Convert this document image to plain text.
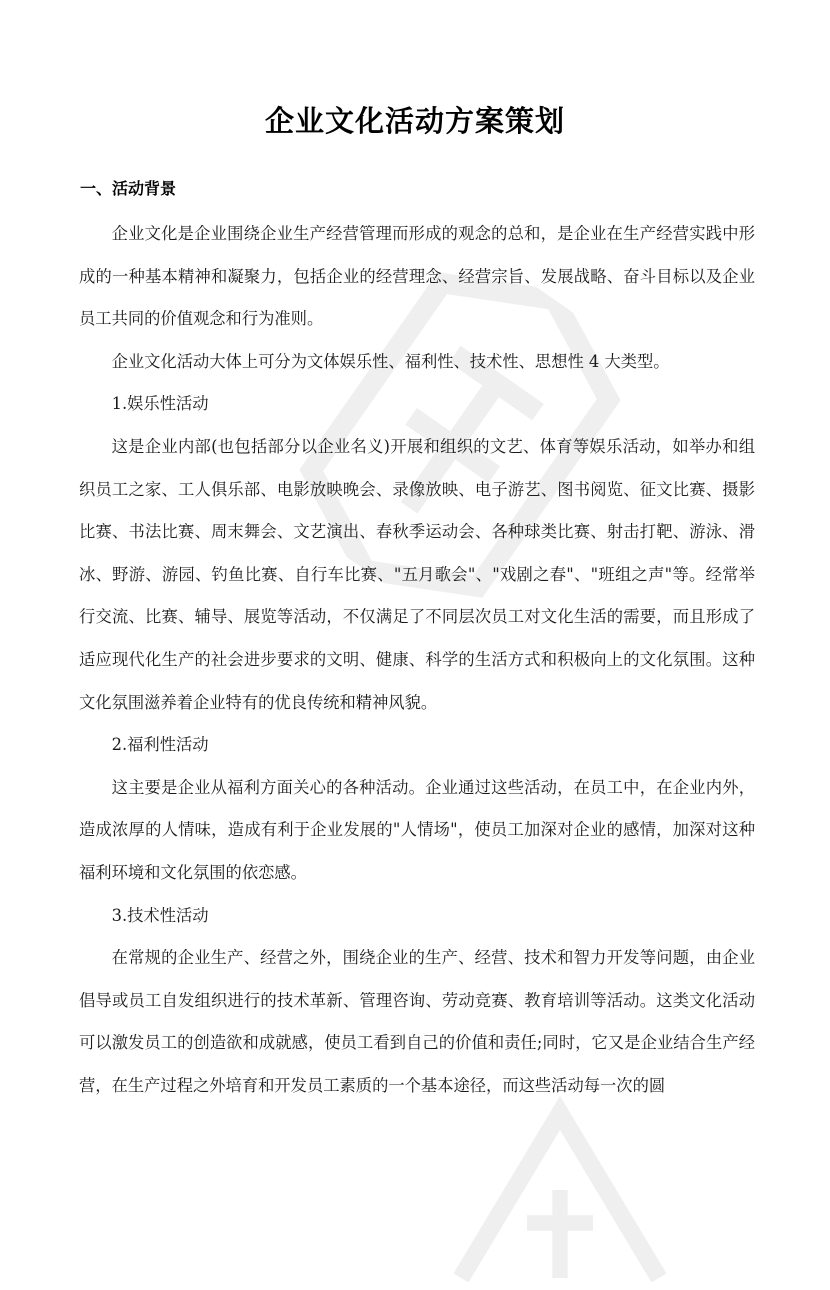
企业文化活动方案策划
一、活动背景

企业文化是企业围绕企业生产经营管理而形成的观念的总和，是企业在生产经营实践中形成的一种基本精神和凝聚力，包括企业的经营理念、经营宗旨、发展战略、奋斗目标以及企业员工共同的价值观念和行为准则。

企业文化活动大体上可分为文体娱乐性、福利性、技术性、思想性 4 大类型。

1.娱乐性活动

这是企业内部(也包括部分以企业名义)开展和组织的文艺、体育等娱乐活动，如举办和组织员工之家、工人俱乐部、电影放映晚会、录像放映、电子游艺、图书阅览、征文比赛、摄影比赛、书法比赛、周末舞会、文艺演出、春秋季运动会、各种球类比赛、射击打靶、游泳、滑冰、野游、游园、钓鱼比赛、自行车比赛、"五月歌会"、"戏剧之春"、"班组之声"等。经常举行交流、比赛、辅导、展览等活动，不仅满足了不同层次员工对文化生活的需要，而且形成了适应现代化生产的社会进步要求的文明、健康、科学的生活方式和积极向上的文化氛围。这种文化氛围滋养着企业特有的优良传统和精神风貌。

2.福利性活动

这主要是企业从福利方面关心的各种活动。企业通过这些活动，在员工中，在企业内外，造成浓厚的人情味，造成有利于企业发展的"人情场"，使员工加深对企业的感情，加深对这种福利环境和文化氛围的依恋感。

3.技术性活动

在常规的企业生产、经营之外，围绕企业的生产、经营、技术和智力开发等问题，由企业倡导或员工自发组织进行的技术革新、管理咨询、劳动竞赛、教育培训等活动。这类文化活动可以激发员工的创造欲和成就感，使员工看到自己的价值和责任;同时，它又是企业结合生产经营，在生产过程之外培育和开发员工素质的一个基本途径，而这些活动每一次的圆
